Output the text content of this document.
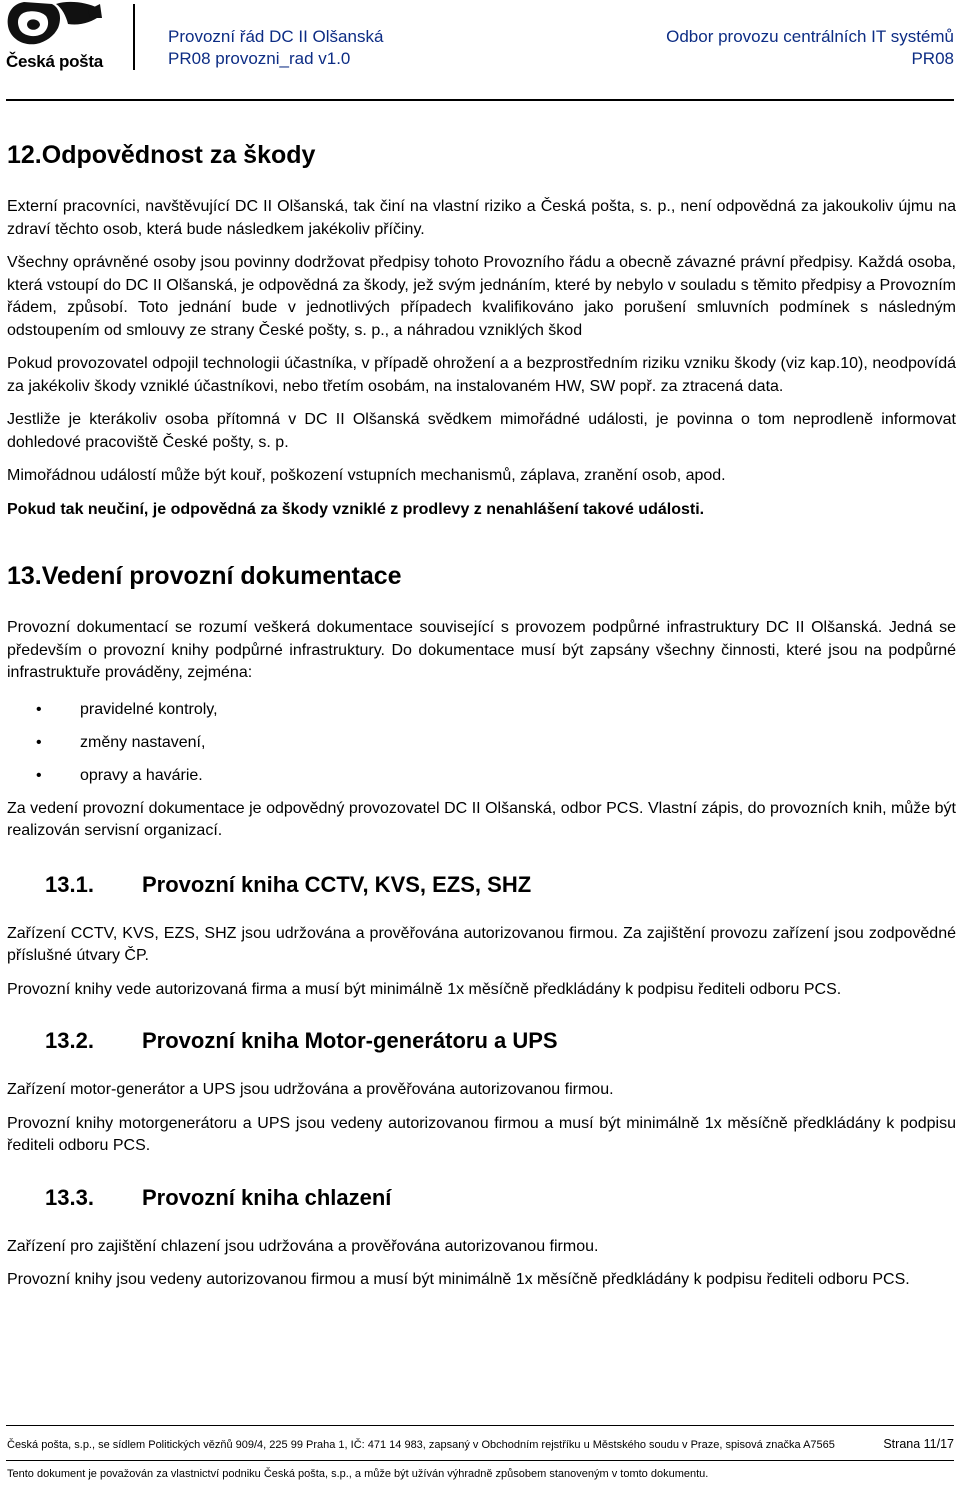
Česká pošta
Provozní řád DC II Olšanská
PR08 provozni_rad v1.0
Odbor provozu centrálních IT systémů
PR08
12.Odpovědnost za škody

Externí pracovníci, navštěvující DC II Olšanská, tak činí na vlastní riziko a Česká pošta, s. p., není odpovědná za jakoukoliv újmu na zdraví těchto osob, která bude následkem jakékoliv příčiny.

Všechny oprávněné osoby jsou povinny dodržovat předpisy tohoto Provozního řádu a obecně závazné právní předpisy. Každá osoba, která vstoupí do DC II Olšanská, je odpovědná za škody, jež svým jednáním, které by nebylo v souladu s těmito předpisy a Provozním řádem, způsobí. Toto jednání bude v jednotlivých případech kvalifikováno jako porušení smluvních podmínek s následným odstoupením od smlouvy ze strany České pošty, s. p., a náhradou vzniklých škod

Pokud provozovatel odpojil technologii účastníka, v případě ohrožení a a bezprostředním riziku vzniku škody (viz kap.10), neodpovídá za jakékoliv škody vzniklé účastníkovi, nebo třetím osobám, na instalovaném HW, SW popř. za ztracená data.

Jestliže je kterákoliv osoba přítomná v DC II Olšanská svědkem mimořádné události, je povinna o tom neprodleně informovat dohledové pracoviště České pošty, s. p.

Mimořádnou událostí může být kouř, poškození vstupních mechanismů, záplava, zranění osob, apod.

Pokud tak neučiní, je odpovědná za škody vzniklé z prodlevy z nenahlášení takové události.

13.Vedení provozní dokumentace

Provozní dokumentací se rozumí veškerá dokumentace související s provozem podpůrné infrastruktury DC II Olšanská. Jedná se především o provozní knihy podpůrné infrastruktury. Do dokumentace musí být zapsány všechny činnosti, které jsou na podpůrné infrastruktuře prováděny, zejména:

• pravidelné kontroly,
• změny nastavení,
• opravy a havárie.

Za vedení provozní dokumentace je odpovědný provozovatel DC II Olšanská, odbor PCS. Vlastní zápis, do provozních knih, může být realizován servisní organizací.

13.1. Provozní kniha CCTV, KVS, EZS, SHZ

Zařízení CCTV, KVS, EZS, SHZ jsou udržována a prověřována autorizovanou firmou. Za zajištění provozu zařízení jsou zodpovědné příslušné útvary ČP.

Provozní knihy vede autorizovaná firma a musí být minimálně 1x měsíčně předkládány k podpisu řediteli odboru PCS.

13.2. Provozní kniha Motor-generátoru a UPS

Zařízení motor-generátor a UPS jsou udržována a prověřována autorizovanou firmou.

Provozní knihy motorgenerátoru a UPS jsou vedeny autorizovanou firmou a musí být minimálně 1x měsíčně předkládány k podpisu řediteli odboru PCS.

13.3. Provozní kniha chlazení

Zařízení pro zajištění chlazení jsou udržována a prověřována autorizovanou firmou.

Provozní knihy jsou vedeny autorizovanou firmou a musí být minimálně 1x měsíčně předkládány k podpisu řediteli odboru PCS.

Česká pošta, s.p., se sídlem Politických vězňů 909/4, 225 99 Praha 1, IČ: 471 14 983, zapsaný v Obchodním rejstříku u Městského soudu v Praze, spisová značka A7565	Strana 11/17
Tento dokument je považován za vlastnictví podniku Česká pošta, s.p., a může být užíván výhradně způsobem stanoveným v tomto dokumentu.
